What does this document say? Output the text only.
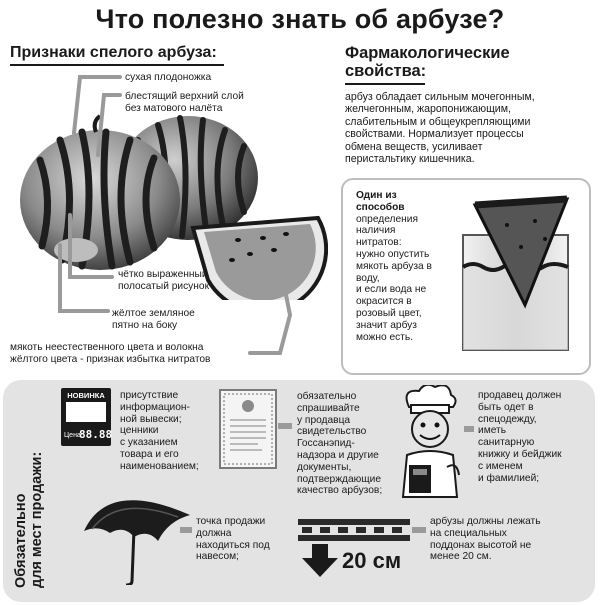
Что полезно знать об арбузе?
Признаки спелого арбуза:	Фармакологические
свойства:
арбуз обладает сильным мочегонным,
желчегонным, жаропонижающим,
слабительным и общеукрепляющими
свойствами. Нормализует процессы
обмена веществ, усиливает
перистальтику кишечника.
сухая плодоножка
блестящий верхний слой
без матового налёта
чётко выраженный
полосатый рисунок
жёлтое земляное
пятно на боку
мякоть неестественного цвета и волокна
жёлтого цвета - признак избытка нитратов
Один из
способов
определения
наличия
нитратов:
нужно опустить
мякоть арбуза в
воду,
и если вода не
окрасится в
розовый цвет,
значит арбуз
можно есть.
Обязательно для мест продажи:
НОВИНКА
Цена
88.88
присутствие
информацион-
ной вывески;
ценники
с указанием
товара и его
наименованием;
обязательно
спрашивайте
у продавца
свидетельство
Госсанэпид-
надзора и другие
документы,
подтверждающие
качество арбузов;
продавец должен
быть одет в
спецодежду,
иметь
санитарную
книжку и бейджик
с именем
и фамилией;
точка продажи
должна
находиться под
навесом;	20 см
арбузы должны лежать
на специальных
поддонах высотой не
менее 20 см.
